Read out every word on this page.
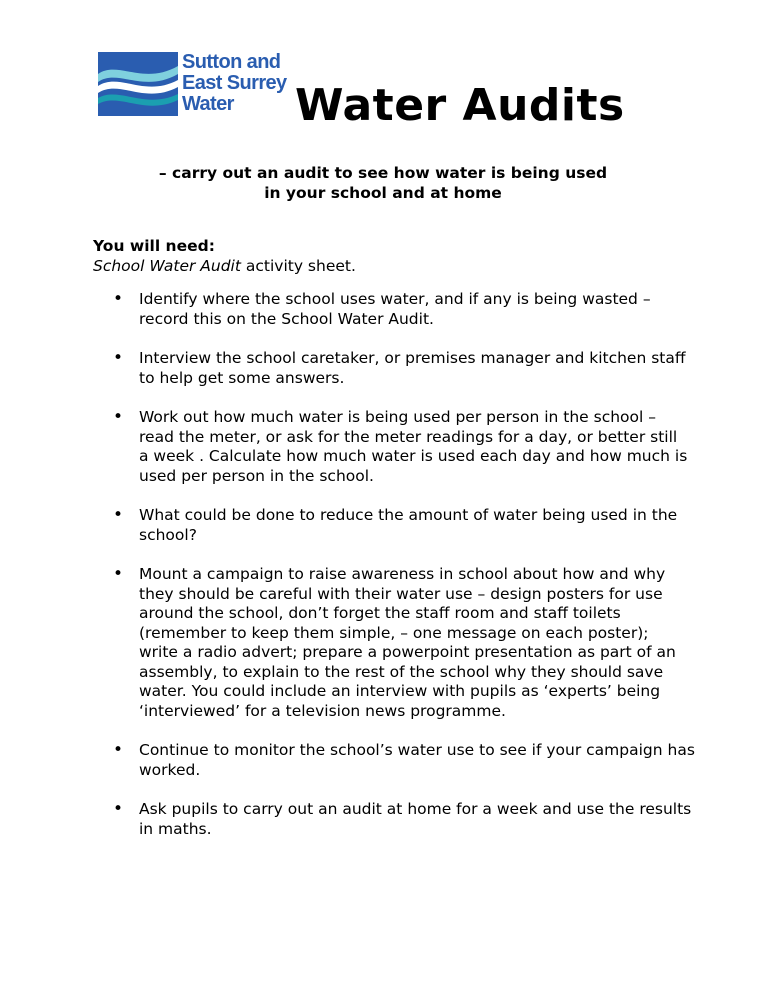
Sutton and
East Surrey
Water	Water Audits
– carry out an audit to see how water is being used
in your school and at home
You will need:
School Water Audit activity sheet.
• Identify where the school uses water, and if any is being wasted –
record this on the School Water Audit.
• Interview the school caretaker, or premises manager and kitchen staff
to help get some answers.
• Work out how much water is being used per person in the school –
read the meter, or ask for the meter readings for a day, or better still
a week . Calculate how much water is used each day and how much is
used per person in the school.
• What could be done to reduce the amount of water being used in the
school?
• Mount a campaign to raise awareness in school about how and why
they should be careful with their water use – design posters for use
around the school, don’t forget the staff room and staff toilets
(remember to keep them simple, – one message on each poster);
write a radio advert; prepare a powerpoint presentation as part of an
assembly, to explain to the rest of the school why they should save
water. You could include an interview with pupils as ‘experts’ being
‘interviewed’ for a television news programme.
• Continue to monitor the school’s water use to see if your campaign has
worked.
• Ask pupils to carry out an audit at home for a week and use the results
in maths.
